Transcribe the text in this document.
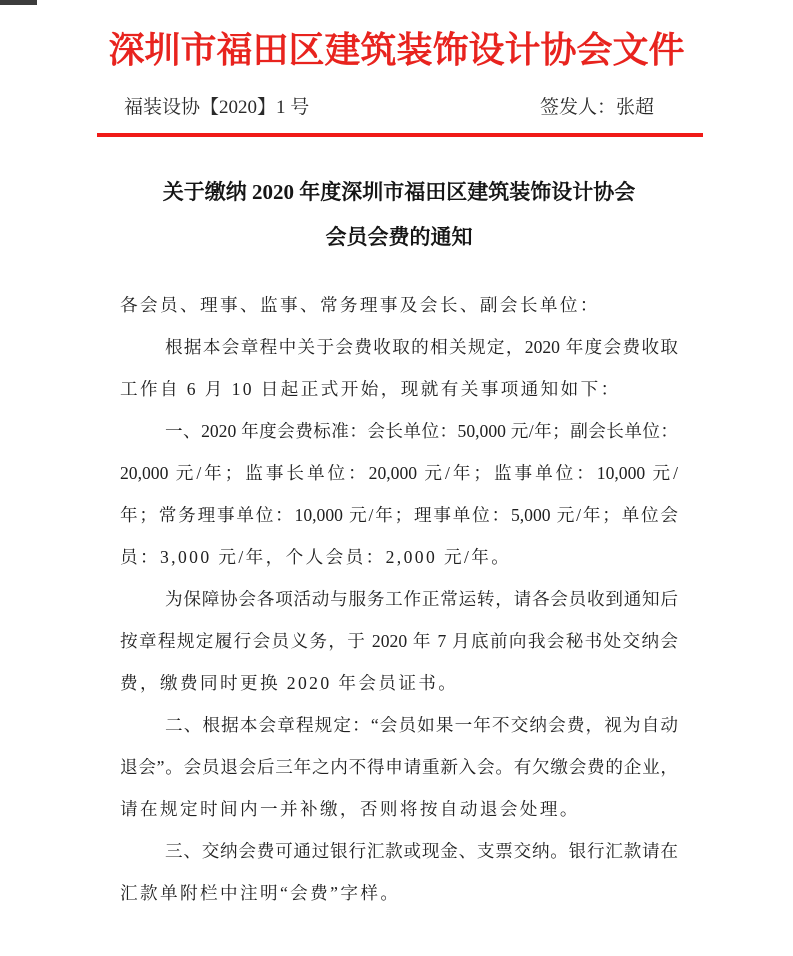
深圳市福田区建筑装饰设计协会文件
福装设协【2020】1 号	签发人：张超
关于缴纳 2020 年度深圳市福田区建筑装饰设计协会
会员会费的通知
各会员、理事、监事、常务理事及会长、副会长单位：
根据本会章程中关于会费收取的相关规定，2020 年度会费收取
工作自 6 月 10 日起正式开始，现就有关事项通知如下：
一、2020 年度会费标准：会长单位：50,000 元/年；副会长单位：
20,000 元/年；监事长单位：20,000 元/年；监事单位：10,000 元/
年；常务理事单位：10,000 元/年；理事单位：5,000 元/年；单位会
员：3,000 元/年，个人会员：2,000 元/年。
为保障协会各项活动与服务工作正常运转，请各会员收到通知后
按章程规定履行会员义务，于 2020 年 7 月底前向我会秘书处交纳会
费，缴费同时更换 2020 年会员证书。
二、根据本会章程规定：“会员如果一年不交纳会费，视为自动
退会”。会员退会后三年之内不得申请重新入会。有欠缴会费的企业，
请在规定时间内一并补缴，否则将按自动退会处理。
三、交纳会费可通过银行汇款或现金、支票交纳。银行汇款请在
汇款单附栏中注明“会费”字样。
